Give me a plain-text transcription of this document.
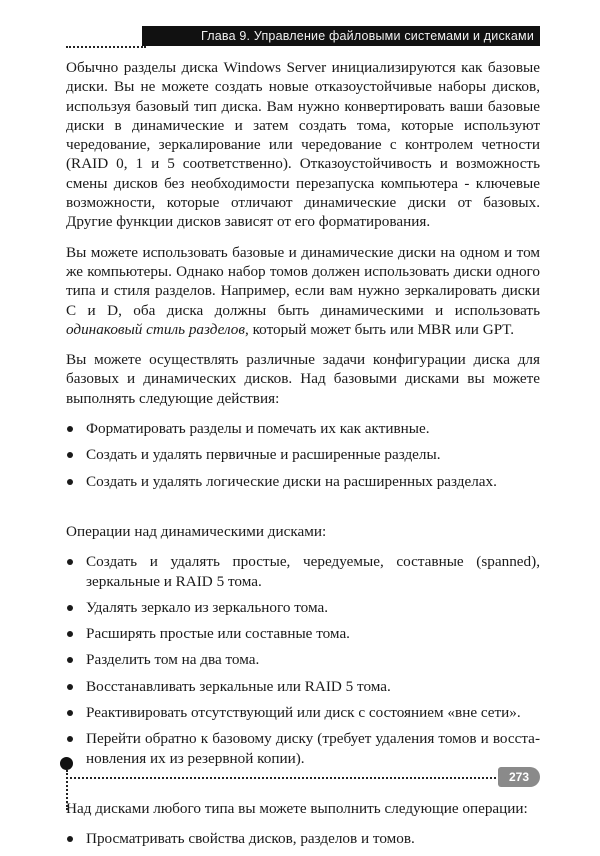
Глава 9. Управление файловыми системами и дисками

Обычно разделы диска Windows Server инициализируются как базовые диски. Вы не можете создать новые отказоустойчивые наборы дисков, используя базовый тип диска. Вам нужно конвертировать ваши базовые диски в динамические и затем создать тома, которые используют чередование, зеркалирование или чередование с контролем четности (RAID 0, 1 и 5 соответственно). Отказоустойчивость и возможность смены дисков без необходимости перезапуска компьютера - ключевые возможности, которые отличают динамические диски от базовых. Другие функции дисков зависят от его форматирования.

Вы можете использовать базовые и динамические диски на одном и том же компьютеры. Однако набор томов должен использовать диски одного типа и стиля разделов. Например, если вам нужно зеркалировать диски C и D, оба диска должны быть динамическими и использовать одинаковый стиль разделов, который может быть или MBR или GPT.

Вы можете осуществлять различные задачи конфигурации диска для базовых и динамических дисков. Над базовыми дисками вы можете выполнять следующие действия:

Форматировать разделы и помечать их как активные.
Создать и удалять первичные и расширенные разделы.
Создать и удалять логические диски на расширенных разделах.

Операции над динамическими дисками:

Создать и удалять простые, чередуемые, составные (spanned), зеркальные и RAID 5 тома.
Удалять зеркало из зеркального тома.
Расширять простые или составные тома.
Разделить том на два тома.
Восстанавливать зеркальные или RAID 5 тома.
Реактивировать отсутствующий или диск с состоянием «вне сети».
Перейти обратно к базовому диску (требует удаления томов и восстановления их из резервной копии).

Над дисками любого типа вы можете выполнить следующие операции:

Просматривать свойства дисков, разделов и томов.
273
